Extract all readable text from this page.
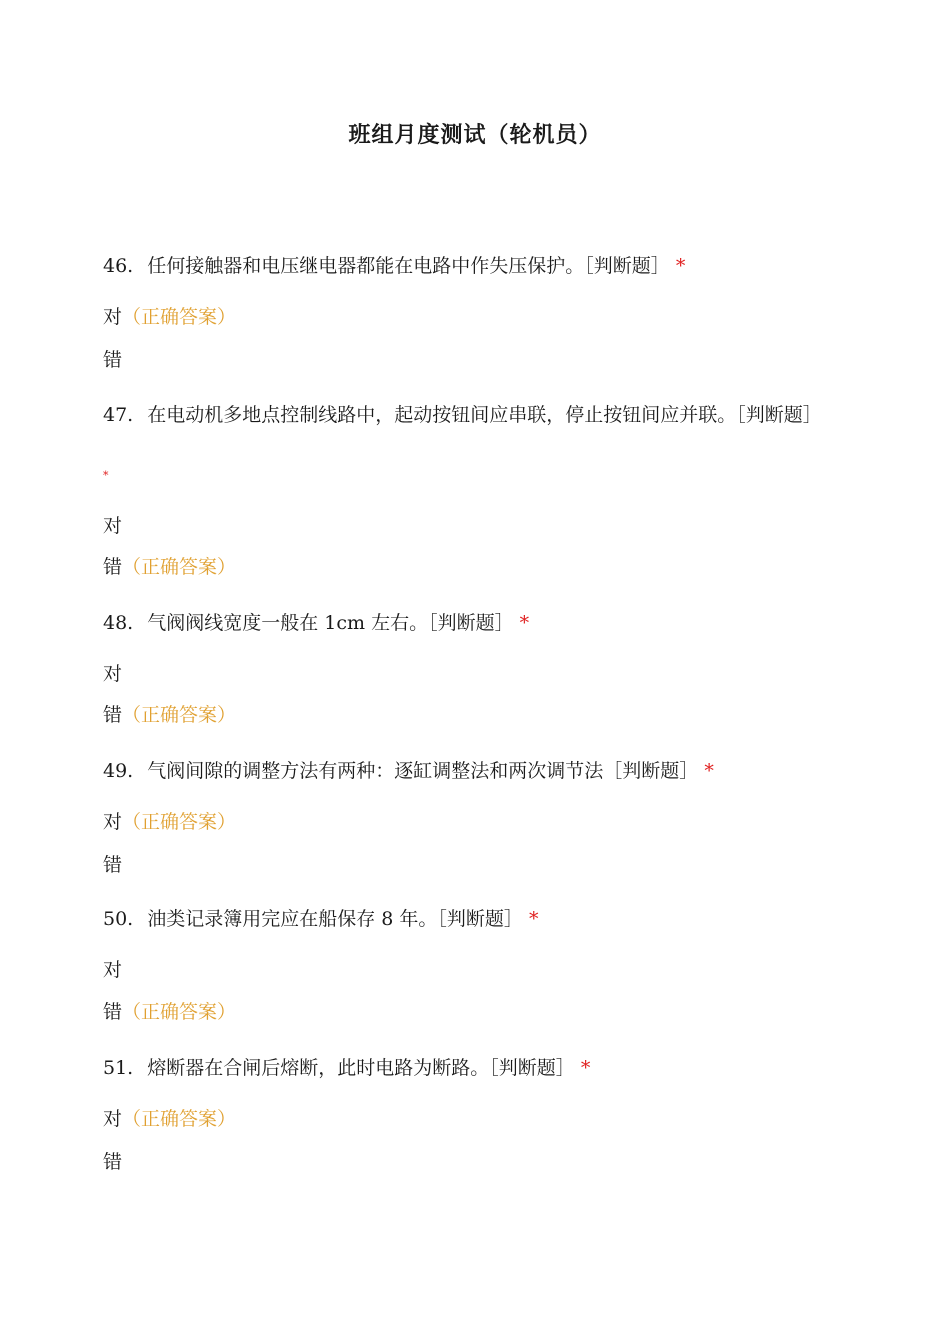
班组月度测试（轮机员）
46. 任何接触器和电压继电器都能在电路中作失压保护。［判断题］ *
对（正确答案）
错
47. 在电动机多地点控制线路中，起动按钮间应串联，停止按钮间应并联。［判断题］
*
对
错（正确答案）
48. 气阀阀线宽度一般在 1cm 左右。［判断题］ *
对
错（正确答案）
49. 气阀间隙的调整方法有两种：逐缸调整法和两次调节法［判断题］ *
对（正确答案）
错
50. 油类记录簿用完应在船保存 8 年。［判断题］ *
对
错（正确答案）
51. 熔断器在合闸后熔断，此时电路为断路。［判断题］ *
对（正确答案）
错
